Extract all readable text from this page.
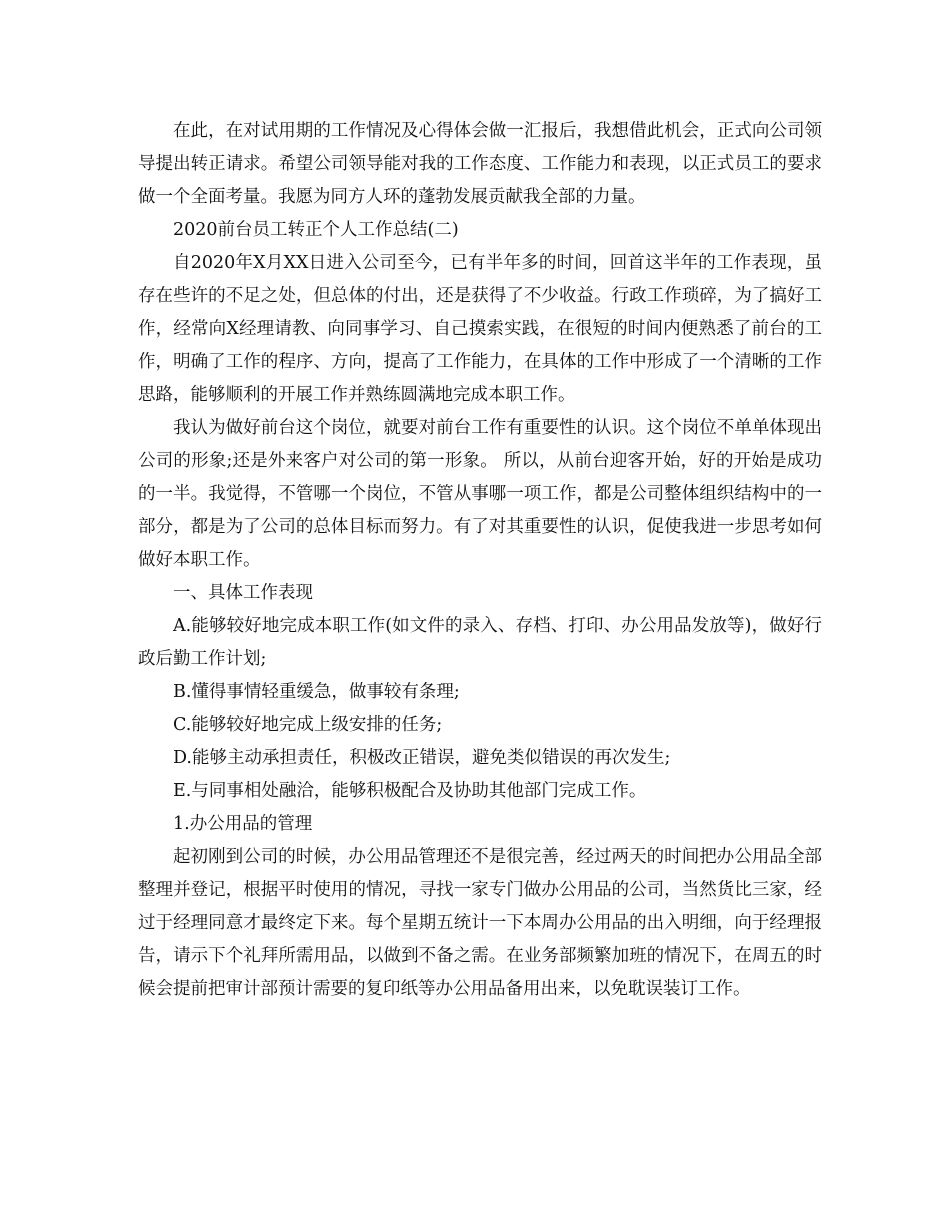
在此，在对试用期的工作情况及心得体会做一汇报后，我想借此机会，正式向公司领导提出转正请求。希望公司领导能对我的工作态度、工作能力和表现，以正式员工的要求做一个全面考量。我愿为同方人环的蓬勃发展贡献我全部的力量。

2020前台员工转正个人工作总结(二)

自2020年X月XX日进入公司至今，已有半年多的时间，回首这半年的工作表现，虽存在些许的不足之处，但总体的付出，还是获得了不少收益。行政工作琐碎，为了搞好工作，经常向X经理请教、向同事学习、自己摸索实践，在很短的时间内便熟悉了前台的工作，明确了工作的程序、方向，提高了工作能力，在具体的工作中形成了一个清晰的工作思路，能够顺利的开展工作并熟练圆满地完成本职工作。

我认为做好前台这个岗位，就要对前台工作有重要性的认识。这个岗位不单单体现出公司的形象;还是外来客户对公司的第一形象。 所以，从前台迎客开始，好的开始是成功的一半。我觉得，不管哪一个岗位，不管从事哪一项工作，都是公司整体组织结构中的一部分，都是为了公司的总体目标而努力。有了对其重要性的认识，促使我进一步思考如何做好本职工作。

一、具体工作表现

A.能够较好地完成本职工作(如文件的录入、存档、打印、办公用品发放等)，做好行政后勤工作计划;

B.懂得事情轻重缓急，做事较有条理;

C.能够较好地完成上级安排的任务;

D.能够主动承担责任，积极改正错误，避免类似错误的再次发生;

E.与同事相处融洽，能够积极配合及协助其他部门完成工作。

1.办公用品的管理

起初刚到公司的时候，办公用品管理还不是很完善，经过两天的时间把办公用品全部整理并登记，根据平时使用的情况，寻找一家专门做办公用品的公司，当然货比三家，经过于经理同意才最终定下来。每个星期五统计一下本周办公用品的出入明细，向于经理报告，请示下个礼拜所需用品，以做到不备之需。在业务部频繁加班的情况下，在周五的时候会提前把审计部预计需要的复印纸等办公用品备用出来，以免耽误装订工作。
